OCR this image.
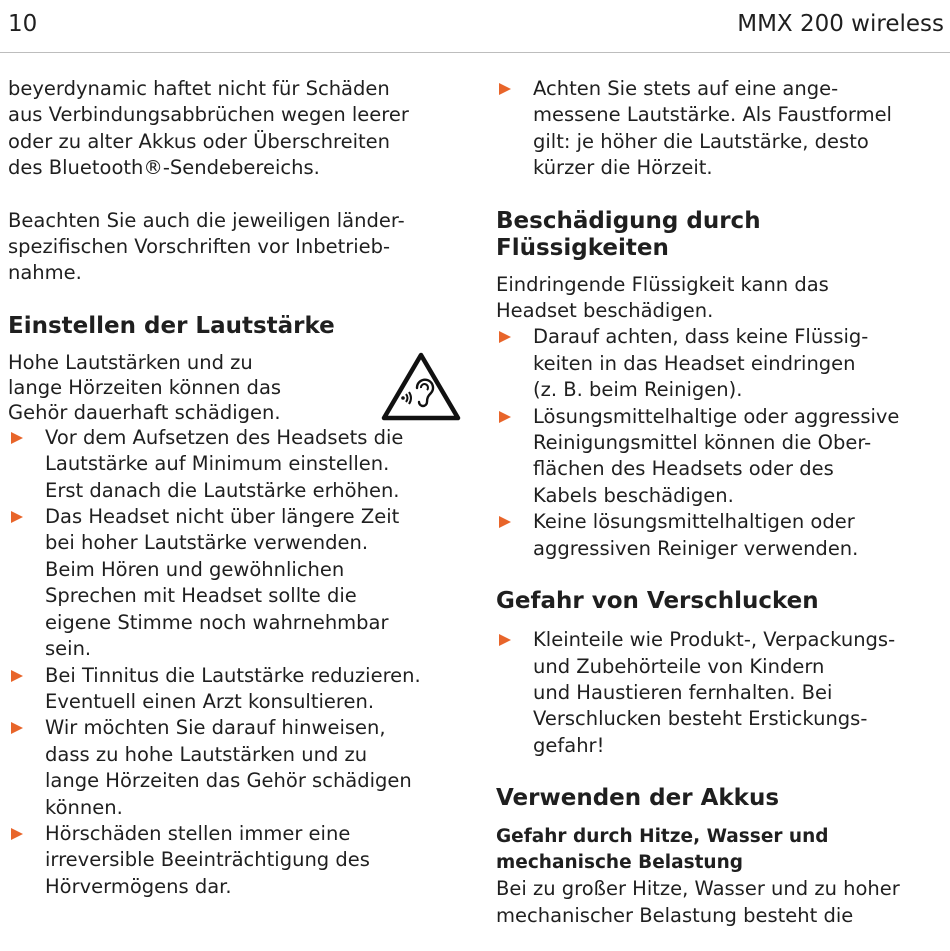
10	MMX 200 wireless

beyerdynamic haftet nicht für Schäden
aus Verbindungsabbrüchen wegen leerer
oder zu alter Akkus oder Überschreiten
des Bluetooth®-Sendebereichs.

Beachten Sie auch die jeweiligen länder-
spezifischen Vorschriften vor Inbetrieb-
nahme.

Einstellen der Lautstärke

Hohe Lautstärken und zu
lange Hörzeiten können das
Gehör dauerhaft schädigen.

Vor dem Aufsetzen des Headsets die
Lautstärke auf Minimum einstellen.
Erst danach die Lautstärke erhöhen.
Das Headset nicht über längere Zeit
bei hoher Lautstärke verwenden.
Beim Hören und gewöhnlichen
Sprechen mit Headset sollte die
eigene Stimme noch wahrnehmbar
sein.
Bei Tinnitus die Lautstärke reduzieren.
Eventuell einen Arzt konsultieren.
Wir möchten Sie darauf hinweisen,
dass zu hohe Lautstärken und zu
lange Hörzeiten das Gehör schädigen
können.
Hörschäden stellen immer eine
irreversible Beeinträchtigung des
Hörvermögens dar.
Achten Sie stets auf eine ange-
messene Lautstärke. Als Faustformel
gilt: je höher die Lautstärke, desto
kürzer die Hörzeit.
Beschädigung durch
Flüssigkeiten

Eindringende Flüssigkeit kann das
Headset beschädigen.

Darauf achten, dass keine Flüssig-
keiten in das Headset eindringen
(z. B. beim Reinigen).
Lösungsmittelhaltige oder aggressive
Reinigungsmittel können die Ober-
flächen des Headsets oder des
Kabels beschädigen.
Keine lösungsmittelhaltigen oder
aggressiven Reiniger verwenden.
Gefahr von Verschlucken
Kleinteile wie Produkt-, Verpackungs-
und Zubehörteile von Kindern
und Haustieren fernhalten. Bei
Verschlucken besteht Erstickungs-
gefahr!
Verwenden der Akkus
Gefahr durch Hitze, Wasser und
mechanische Belastung

Bei zu großer Hitze, Wasser und zu hoher
mechanischer Belastung besteht die
